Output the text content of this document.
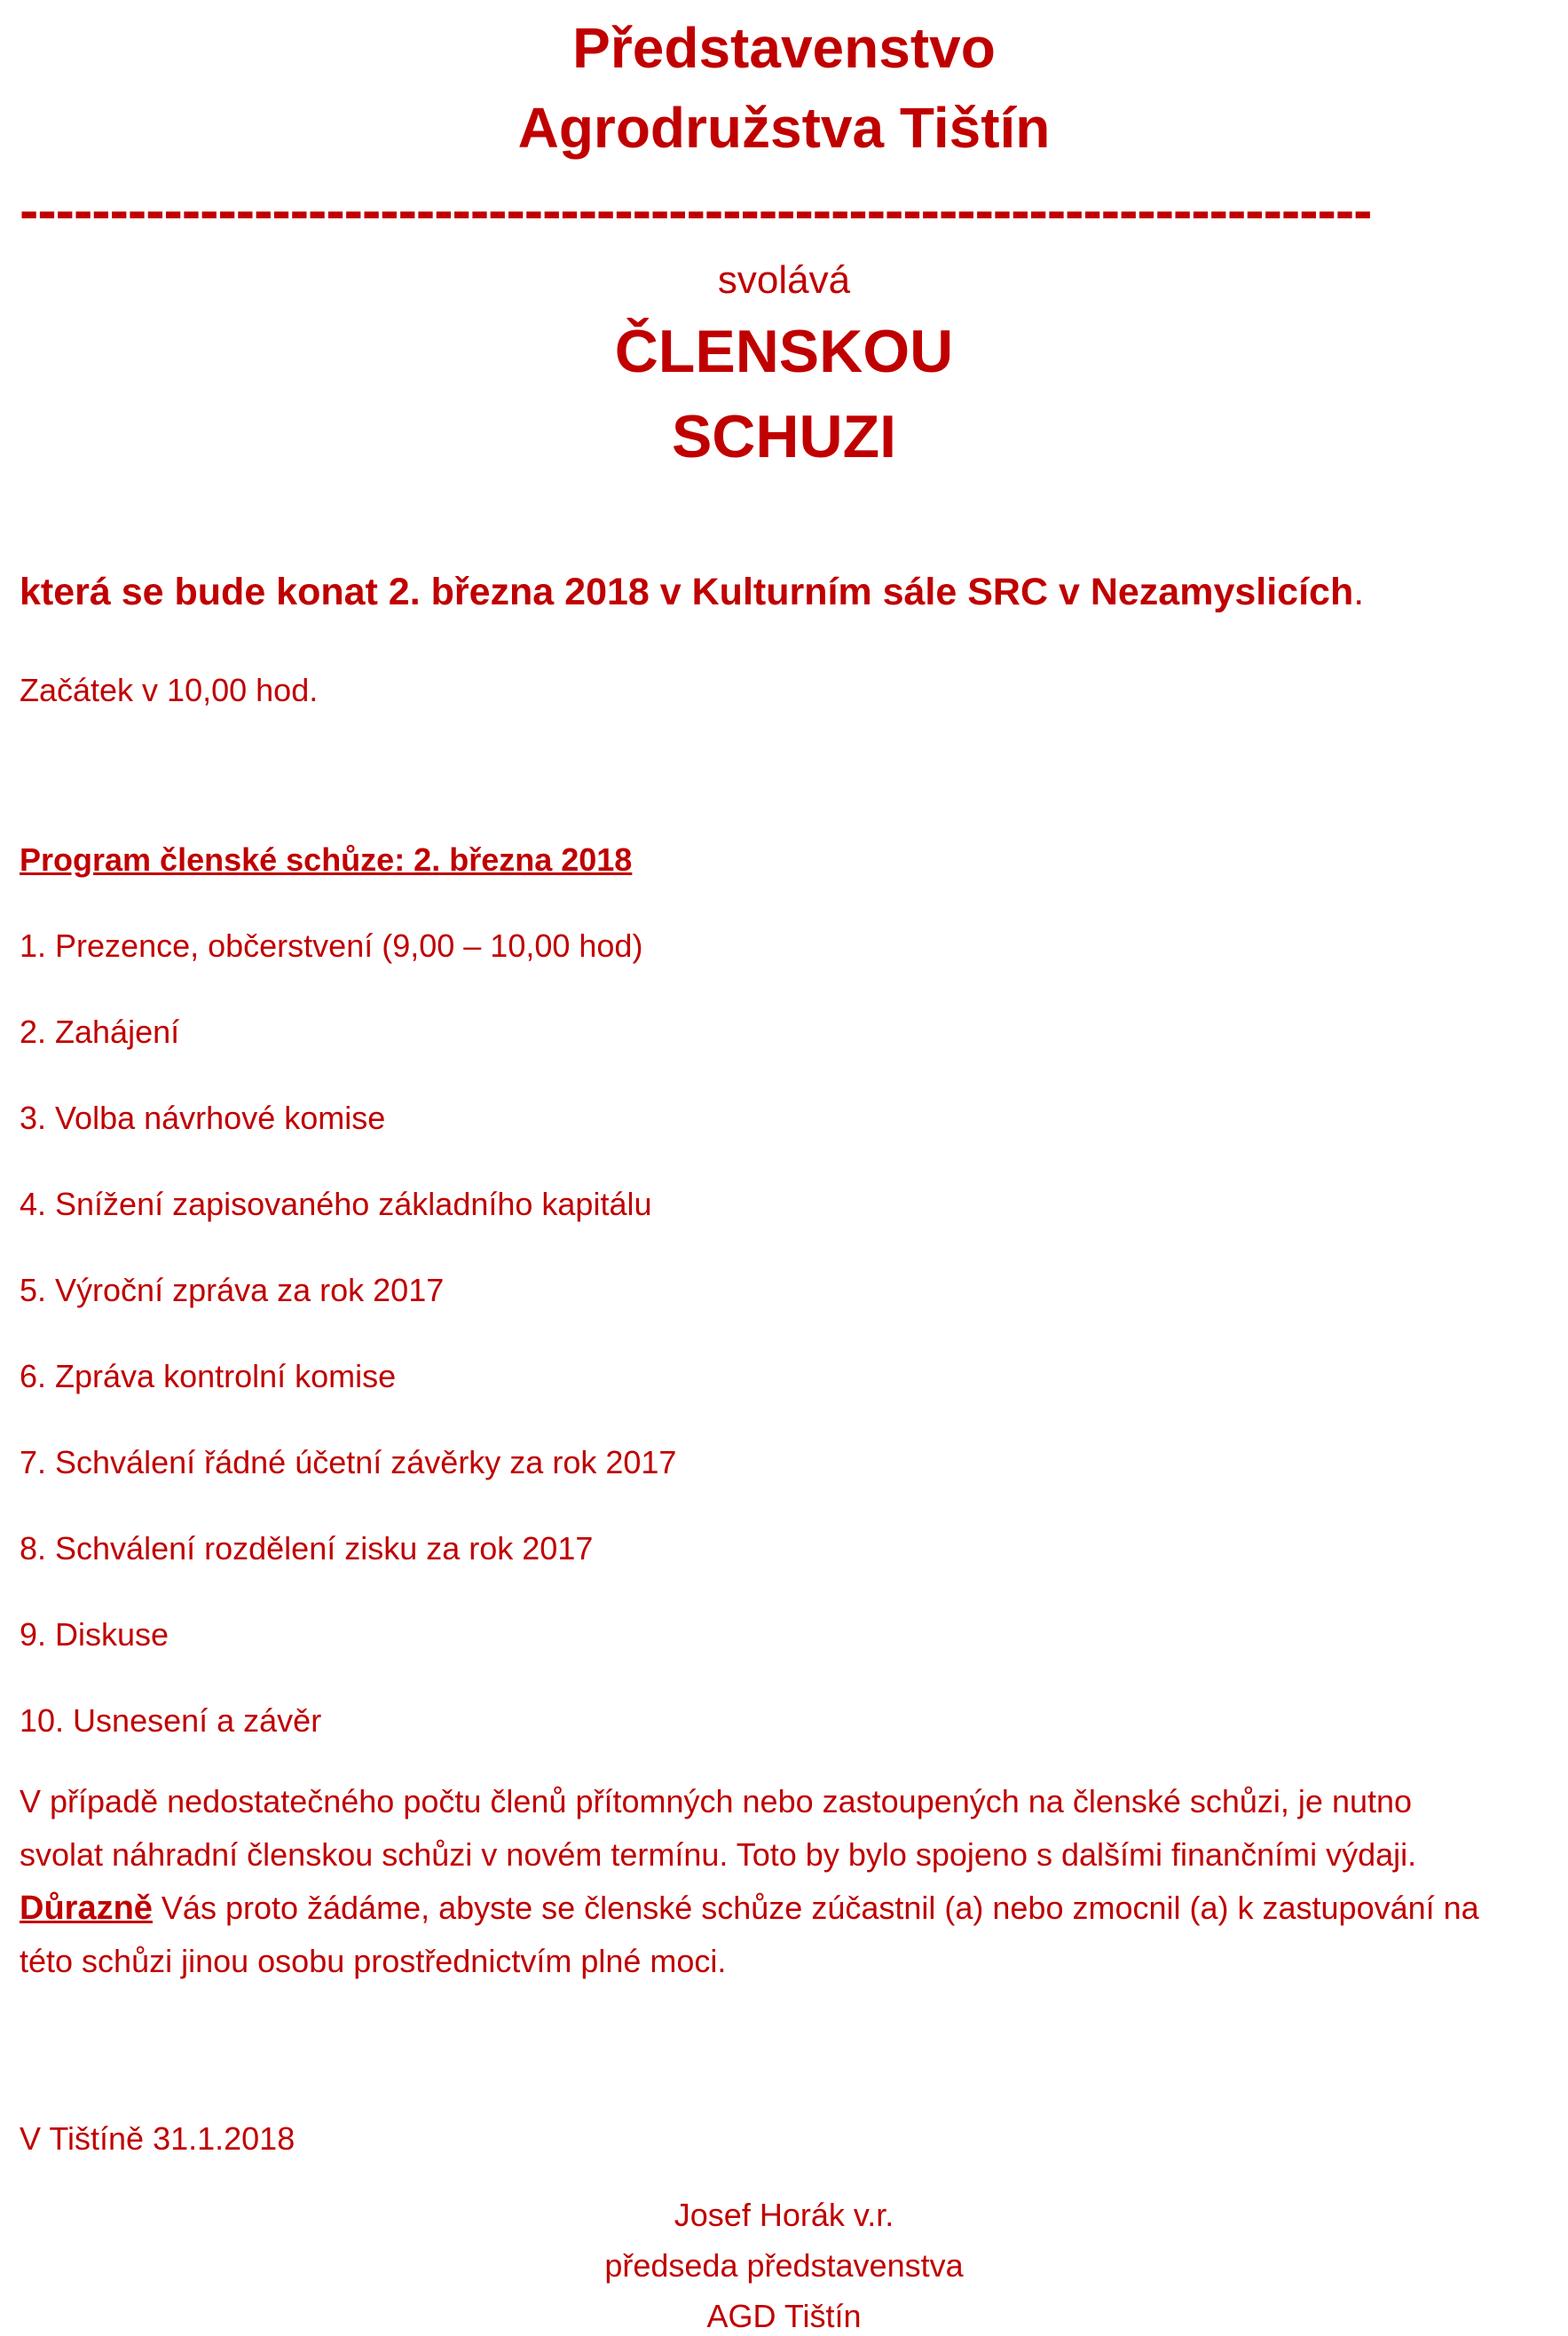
Představenstvo
Agrodružstva Tištín
---------------------------------------------------------------------------
svolává
ČLENSKOU
SCHUZI
která se bude konat 2. března 2018 v Kulturním sále SRC v Nezamyslicích.
Začátek v 10,00 hod.
Program členské schůze: 2. března 2018
1. Prezence, občerstvení (9,00 – 10,00 hod)
2. Zahájení
3. Volba návrhové komise
4. Snížení zapisovaného základního kapitálu
5. Výroční zpráva za rok 2017
6. Zpráva kontrolní komise
7. Schválení řádné účetní závěrky za rok 2017
8. Schválení rozdělení zisku za rok 2017
9. Diskuse
10. Usnesení a závěr
V případě nedostatečného počtu členů přítomných nebo zastoupených na členské schůzi, je nutno
svolat náhradní členskou schůzi v novém termínu. Toto by bylo spojeno s dalšími finančními výdaji.
Důrazně Vás proto žádáme, abyste se členské schůze zúčastnil (a) nebo zmocnil (a) k zastupování na
této schůzi jinou osobu prostřednictvím plné moci.
V Tištíně 31.1.2018
Josef Horák v.r.
předseda představenstva
AGD Tištín
